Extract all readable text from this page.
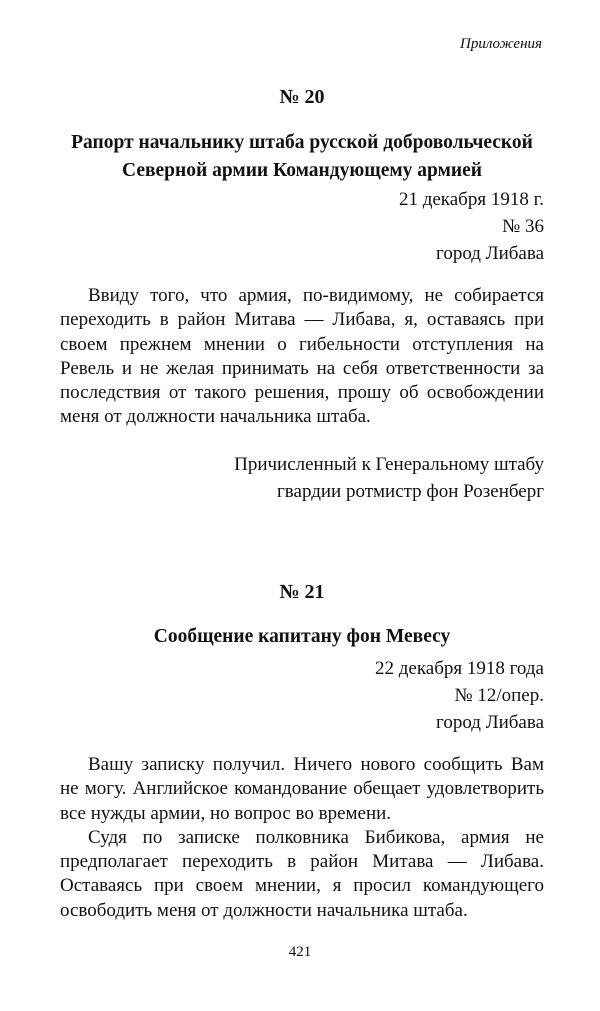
Приложения
№ 20
Рапорт начальнику штаба русской добровольческой
Северной армии Командующему армией
21 декабря 1918 г.
№ 36
город Либава

Ввиду того, что армия, по-видимому, не собирается переходить в район Митава — Либава, я, оставаясь при своем прежнем мнении о гибельности отступления на Ревель и не желая принимать на себя ответственности за последствия от такого решения, прошу об освобождении меня от должности начальника штаба.

Причисленный к Генеральному штабу
гвардии ротмистр фон Розенберг
№ 21
Сообщение капитану фон Мевесу
22 декабря 1918 года
№ 12/опер.
город Либава

Вашу записку получил. Ничего нового сообщить Вам не могу. Английское командование обещает удовлетворить все нужды армии, но вопрос во времени.

Судя по записке полковника Бибикова, армия не предполагает переходить в район Митава — Либава. Оставаясь при своем мнении, я просил командующего освободить меня от должности начальника штаба.

421
